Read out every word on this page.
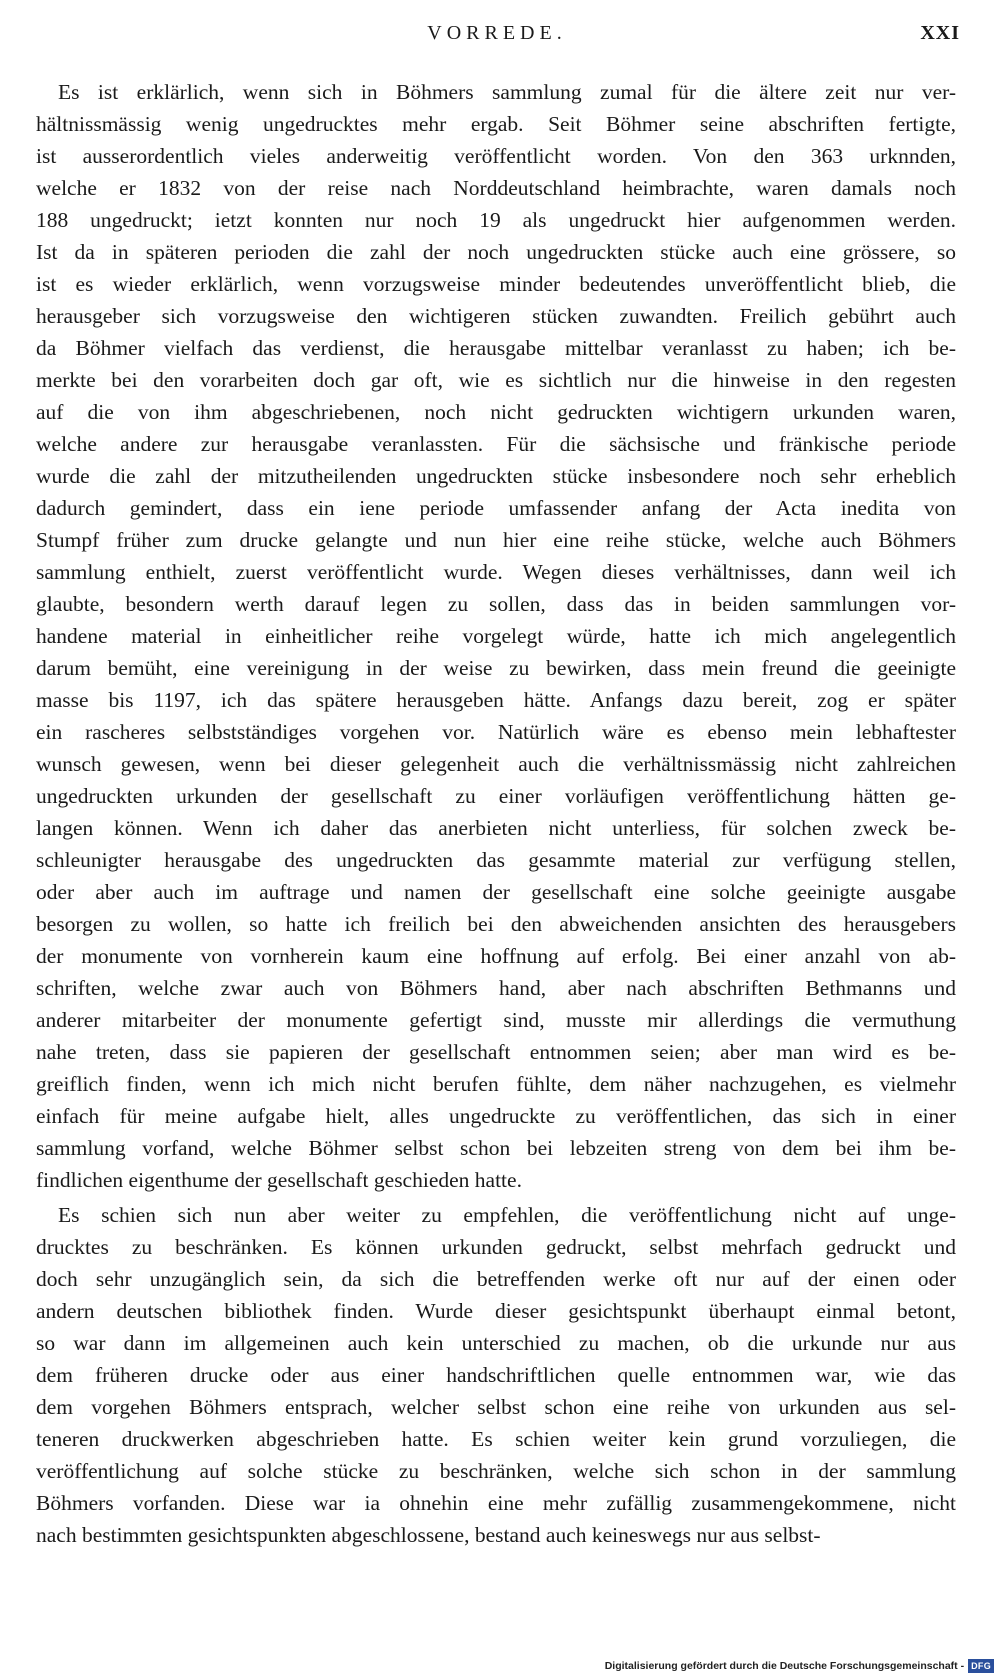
VORREDE.	XXI
Es ist erklärlich, wenn sich in Böhmers sammlung zumal für die ältere zeit nur ver-
hältnissmässig wenig ungedrucktes mehr ergab. Seit Böhmer seine abschriften fertigte,
ist ausserordentlich vieles anderweitig veröffentlicht worden. Von den 363 urknnden,
welche er 1832 von der reise nach Norddeutschland heimbrachte, waren damals noch
188 ungedruckt; ietzt konnten nur noch 19 als ungedruckt hier aufgenommen werden.
Ist da in späteren perioden die zahl der noch ungedruckten stücke auch eine grössere, so
ist es wieder erklärlich, wenn vorzugsweise minder bedeutendes unveröffentlicht blieb, die
herausgeber sich vorzugsweise den wichtigeren stücken zuwandten. Freilich gebührt auch
da Böhmer vielfach das verdienst, die herausgabe mittelbar veranlasst zu haben; ich be-
merkte bei den vorarbeiten doch gar oft, wie es sichtlich nur die hinweise in den regesten
auf die von ihm abgeschriebenen, noch nicht gedruckten wichtigern urkunden waren,
welche andere zur herausgabe veranlassten. Für die sächsische und fränkische periode
wurde die zahl der mitzutheilenden ungedruckten stücke insbesondere noch sehr erheblich
dadurch gemindert, dass ein iene periode umfassender anfang der Acta inedita von
Stumpf früher zum drucke gelangte und nun hier eine reihe stücke, welche auch Böhmers
sammlung enthielt, zuerst veröffentlicht wurde. Wegen dieses verhältnisses, dann weil ich
glaubte, besondern werth darauf legen zu sollen, dass das in beiden sammlungen vor-
handene material in einheitlicher reihe vorgelegt würde, hatte ich mich angelegentlich
darum bemüht, eine vereinigung in der weise zu bewirken, dass mein freund die geeinigte
masse bis 1197, ich das spätere herausgeben hätte. Anfangs dazu bereit, zog er später
ein rascheres selbstständiges vorgehen vor. Natürlich wäre es ebenso mein lebhaftester
wunsch gewesen, wenn bei dieser gelegenheit auch die verhältnissmässig nicht zahlreichen
ungedruckten urkunden der gesellschaft zu einer vorläufigen veröffentlichung hätten ge-
langen können. Wenn ich daher das anerbieten nicht unterliess, für solchen zweck be-
schleunigter herausgabe des ungedruckten das gesammte material zur verfügung stellen,
oder aber auch im auftrage und namen der gesellschaft eine solche geeinigte ausgabe
besorgen zu wollen, so hatte ich freilich bei den abweichenden ansichten des herausgebers
der monumente von vornherein kaum eine hoffnung auf erfolg. Bei einer anzahl von ab-
schriften, welche zwar auch von Böhmers hand, aber nach abschriften Bethmanns und
anderer mitarbeiter der monumente gefertigt sind, musste mir allerdings die vermuthung
nahe treten, dass sie papieren der gesellschaft entnommen seien; aber man wird es be-
greiflich finden, wenn ich mich nicht berufen fühlte, dem näher nachzugehen, es vielmehr
einfach für meine aufgabe hielt, alles ungedruckte zu veröffentlichen, das sich in einer
sammlung vorfand, welche Böhmer selbst schon bei lebzeiten streng von dem bei ihm be-
findlichen eigenthume der gesellschaft geschieden hatte.
Es schien sich nun aber weiter zu empfehlen, die veröffentlichung nicht auf unge-
drucktes zu beschränken. Es können urkunden gedruckt, selbst mehrfach gedruckt und
doch sehr unzugänglich sein, da sich die betreffenden werke oft nur auf der einen oder
andern deutschen bibliothek finden. Wurde dieser gesichtspunkt überhaupt einmal betont,
so war dann im allgemeinen auch kein unterschied zu machen, ob die urkunde nur aus
dem früheren drucke oder aus einer handschriftlichen quelle entnommen war, wie das
dem vorgehen Böhmers entsprach, welcher selbst schon eine reihe von urkunden aus sel-
teneren druckwerken abgeschrieben hatte. Es schien weiter kein grund vorzuliegen, die
veröffentlichung auf solche stücke zu beschränken, welche sich schon in der sammlung
Böhmers vorfanden. Diese war ia ohnehin eine mehr zufällig zusammengekommene, nicht
nach bestimmten gesichtspunkten abgeschlossene, bestand auch keineswegs nur aus selbst-
Digitalisierung gefördert durch die Deutsche Forschungsgemeinschaft - DFG
